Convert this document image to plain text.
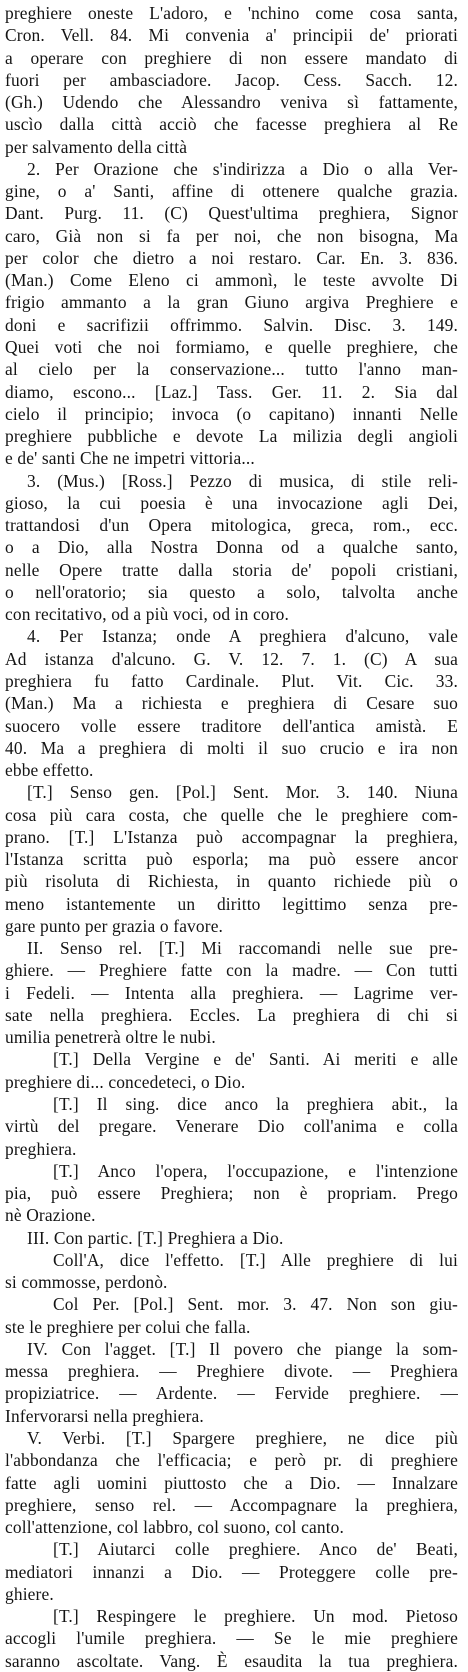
preghiere oneste L'adoro, e 'nchino come cosa santa,
Cron. Vell. 84. Mi convenia a' principii de' priorati
a operare con preghiere di non essere mandato di
fuori per ambasciadore. Jacop. Cess. Sacch. 12.
(Gh.) Udendo che Alessandro veniva sì fattamente,
uscìo dalla città acciò che facesse preghiera al Re
per salvamento della città
2. Per Orazione che s'indirizza a Dio o alla Ver-
gine, o a' Santi, affine di ottenere qualche grazia.
Dant. Purg. 11. (C) Quest'ultima preghiera, Signor
caro, Già non si fa per noi, che non bisogna, Ma
per color che dietro a noi restaro. Car. En. 3. 836.
(Man.) Come Eleno ci ammonì, le teste avvolte Di
frigio ammanto a la gran Giuno argiva Preghiere e
doni e sacrifizii offrimmo. Salvin. Disc. 3. 149.
Quei voti che noi formiamo, e quelle preghiere, che
al cielo per la conservazione... tutto l'anno man-
diamo, escono... [Laz.] Tass. Ger. 11. 2. Sia dal
cielo il principio; invoca (o capitano) innanti Nelle
preghiere pubbliche e devote La milizia degli angioli
e de' santi Che ne impetri vittoria...
3. (Mus.) [Ross.] Pezzo di musica, di stile reli-
gioso, la cui poesia è una invocazione agli Dei,
trattandosi d'un Opera mitologica, greca, rom., ecc.
o a Dio, alla Nostra Donna od a qualche santo,
nelle Opere tratte dalla storia de' popoli cristiani,
o nell'oratorio; sia questo a solo, talvolta anche
con recitativo, od a più voci, od in coro.
4. Per Istanza; onde A preghiera d'alcuno, vale
Ad istanza d'alcuno. G. V. 12. 7. 1. (C) A sua
preghiera fu fatto Cardinale. Plut. Vit. Cic. 33.
(Man.) Ma a richiesta e preghiera di Cesare suo
suocero volle essere traditore dell'antica amistà. E
40. Ma a preghiera di molti il suo crucio e ira non
ebbe effetto.
[T.] Senso gen. [Pol.] Sent. Mor. 3. 140. Niuna
cosa più cara costa, che quelle che le preghiere com-
prano. [T.] L'Istanza può accompagnar la preghiera,
l'Istanza scritta può esporla; ma può essere ancor
più risoluta di Richiesta, in quanto richiede più o
meno istantemente un diritto legittimo senza pre-
gare punto per grazia o favore.
II. Senso rel. [T.] Mi raccomandi nelle sue pre-
ghiere. — Preghiere fatte con la madre. — Con tutti
i Fedeli. — Intenta alla preghiera. — Lagrime ver-
sate nella preghiera. Eccles. La preghiera di chi si
umilia penetrerà oltre le nubi.
[T.] Della Vergine e de' Santi. Ai meriti e alle
preghiere di... concedeteci, o Dio.
[T.] Il sing. dice anco la preghiera abit., la
virtù del pregare. Venerare Dio coll'anima e colla
preghiera.
[T.] Anco l'opera, l'occupazione, e l'intenzione
pia, può essere Preghiera; non è propriam. Prego
nè Orazione.
III. Con partic. [T.] Preghiera a Dio.
Coll'A, dice l'effetto. [T.] Alle preghiere di lui
si commosse, perdonò.
Col Per. [Pol.] Sent. mor. 3. 47. Non son giu-
ste le preghiere per colui che falla.
IV. Con l'agget. [T.] Il povero che piange la som-
messa preghiera. — Preghiere divote. — Preghiera
propiziatrice. — Ardente. — Fervide preghiere. —
Infervorarsi nella preghiera.
V. Verbi. [T.] Spargere preghiere, ne dice più
l'abbondanza che l'efficacia; e però pr. di preghiere
fatte agli uomini piuttosto che a Dio. — Innalzare
preghiere, senso rel. — Accompagnare la preghiera,
coll'attenzione, col labbro, col suono, col canto.
[T.] Aiutarci colle preghiere. Anco de' Beati,
mediatori innanzi a Dio. — Proteggere colle pre-
ghiere.
[T.] Respingere le preghiere. Un mod. Pietoso
accogli l'umile preghiera. — Se le mie preghiere
saranno ascoltate. Vang. È esaudita la tua preghiera.
